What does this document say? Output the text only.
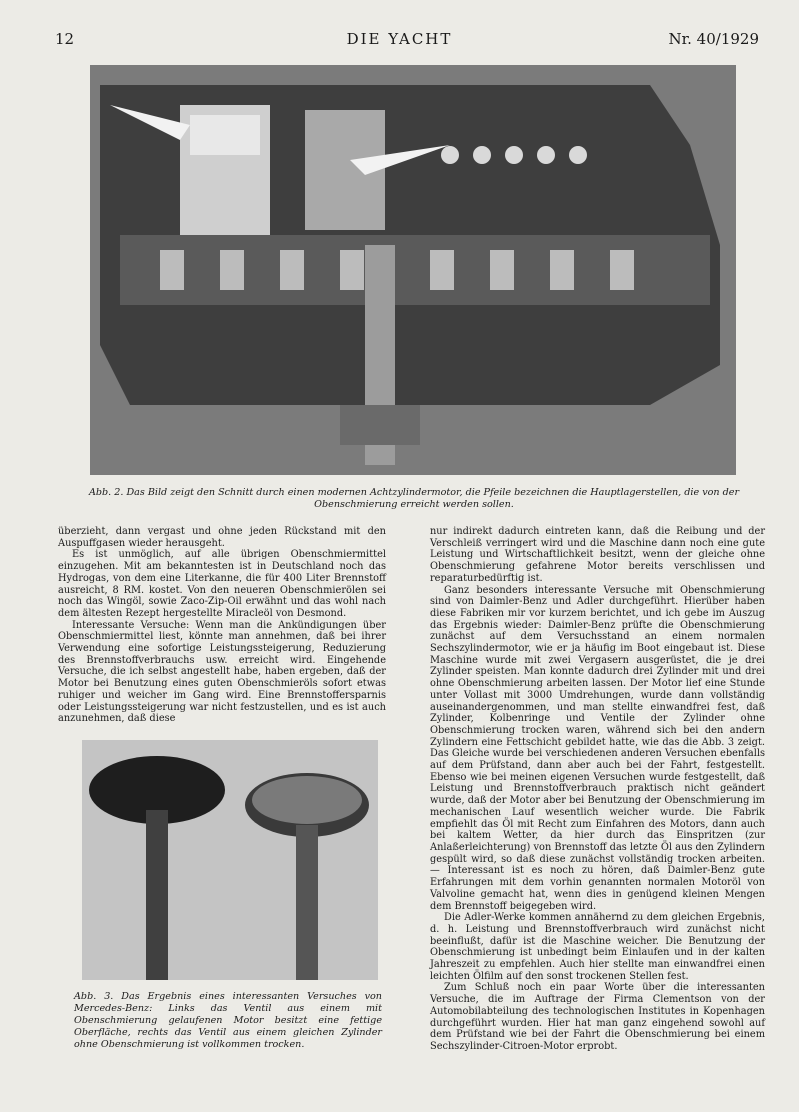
12	DIE YACHT	Nr. 40/1929
Abb. 2. Das Bild zeigt den Schnitt durch einen modernen Achtzylindermotor, die Pfeile bezeichnen die Hauptlagerstellen, die von der Obenschmierung erreicht werden sollen.

überzieht, dann vergast und ohne jeden Rückstand mit den Auspuffgasen wieder herausgeht.

Es ist unmöglich, auf alle übrigen Obenschmiermittel einzugehen. Mit am bekanntesten ist in Deutschland noch das Hydrogas, von dem eine Literkanne, die für 400 Liter Brennstoff ausreicht, 8 RM. kostet. Von den neueren Obenschmierölen sei noch das Wingöl, sowie Zaco-Zip-Oil erwähnt und das wohl nach dem ältesten Rezept hergestellte Miracleöl von Desmond.

Interessante Versuche: Wenn man die Ankündigungen über Obenschmiermittel liest, könnte man annehmen, daß bei ihrer Verwendung eine sofortige Leistungssteigerung, Reduzierung des Brennstoffverbrauchs usw. erreicht wird. Eingehende Versuche, die ich selbst angestellt habe, haben ergeben, daß der Motor bei Benutzung eines guten Obenschmieröls sofort etwas ruhiger und weicher im Gang wird. Eine Brennstoffersparnis oder Leistungssteigerung war nicht festzustellen, und es ist auch anzunehmen, daß diese

Abb. 3. Das Ergebnis eines interessanten Versuches von Mercedes-Benz: Links das Ventil aus einem mit Obenschmierung gelaufenen Motor besitzt eine fettige Oberfläche, rechts das Ventil aus einem gleichen Zylinder ohne Obenschmierung ist vollkommen trocken.

nur indirekt dadurch eintreten kann, daß die Reibung und der Verschleiß verringert wird und die Maschine dann noch eine gute Leistung und Wirtschaftlichkeit besitzt, wenn der gleiche ohne Obenschmierung gefahrene Motor bereits verschlissen und reparaturbedürftig ist.

Ganz besonders interessante Versuche mit Obenschmierung sind von Daimler-Benz und Adler durchgeführt. Hierüber haben diese Fabriken mir vor kurzem berichtet, und ich gebe im Auszug das Ergebnis wieder: Daimler-Benz prüfte die Obenschmierung zunächst auf dem Versuchsstand an einem normalen Sechszylindermotor, wie er ja häufig im Boot eingebaut ist. Diese Maschine wurde mit zwei Vergasern ausgerüstet, die je drei Zylinder speisten. Man konnte dadurch drei Zylinder mit und drei ohne Obenschmierung arbeiten lassen. Der Motor lief eine Stunde unter Vollast mit 3000 Umdrehungen, wurde dann vollständig auseinandergenommen, und man stellte einwandfrei fest, daß Zylinder, Kolbenringe und Ventile der Zylinder ohne Obenschmierung trocken waren, während sich bei den andern Zylindern eine Fettschicht gebildet hatte, wie das die Abb. 3 zeigt. Das Gleiche wurde bei verschiedenen anderen Versuchen ebenfalls auf dem Prüfstand, dann aber auch bei der Fahrt, festgestellt. Ebenso wie bei meinen eigenen Versuchen wurde festgestellt, daß Leistung und Brennstoffverbrauch praktisch nicht geändert wurde, daß der Motor aber bei Benutzung der Obenschmierung im mechanischen Lauf wesentlich weicher wurde. Die Fabrik empfiehlt das Öl mit Recht zum Einfahren des Motors, dann auch bei kaltem Wetter, da hier durch das Einspritzen (zur Anlaßerleichterung) von Brennstoff das letzte Öl aus den Zylindern gespült wird, so daß diese zunächst vollständig trocken arbeiten. — Interessant ist es noch zu hören, daß Daimler-Benz gute Erfahrungen mit dem vorhin genannten normalen Motoröl von Valvoline gemacht hat, wenn dies in genügend kleinen Mengen dem Brennstoff beigegeben wird.

Die Adler-Werke kommen annähernd zu dem gleichen Ergebnis, d. h. Leistung und Brennstoffverbrauch wird zunächst nicht beeinflußt, dafür ist die Maschine weicher. Die Benutzung der Obenschmierung ist unbedingt beim Einlaufen und in der kalten Jahreszeit zu empfehlen. Auch hier stellte man einwandfrei einen leichten Ölfilm auf den sonst trockenen Stellen fest.

Zum Schluß noch ein paar Worte über die interessanten Versuche, die im Auftrage der Firma Clementson von der Automobilabteilung des technologischen Institutes in Kopenhagen durchgeführt wurden. Hier hat man ganz eingehend sowohl auf dem Prüfstand wie bei der Fahrt die Obenschmierung bei einem Sechszylinder-Citroen-Motor erprobt.
